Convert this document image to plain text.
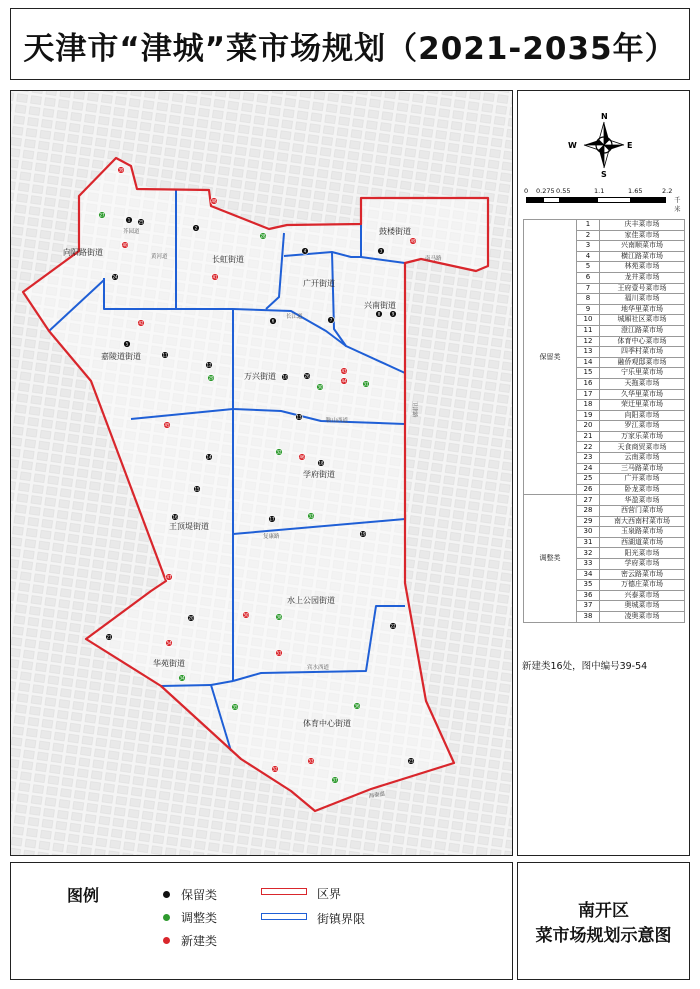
天津市“津城”菜市场规划（2021-2035年）
芥园道
黄河道	南马路
鞍山西道
复康路
宾水西道
海泰道
长江道
卫津路
向阳路街道
长虹街道
广开街道
鼓楼街道
兴南街道
嘉陵道街道
万兴街道
学府街道
王顶堤街道
水上公园街道
华苑街道
体育中心街道
1
2
3
4
5
6	7
8	9
10
11
12
13
14
15
16	17
18
19
20
21
22
23
24
25
26
27
28
29
30
31
32
33
34
35	36
37
38
39
40
41
42
43
44
45
46
47
48
49
50
51
52
53
54
N
S
E
W
0 0.275 0.55	1.1	1.65	2.2
千米
保留类	1	庆丰菜市场
	2	家佳菜市场
	3	兴南顺菜市场
	4	横江路菜市场
	5	林苑菜市场
	6	龙井菜市场
	7	王府壹号菜市场
	8	福川菜市场
	9	地华里菜市场
	10	城厢社区菜市场
	11	澄江路菜市场
	12	体育中心菜市场
	13	四季村菜市场
	14	融侨观邸菜市场
	15	宁乐里菜市场
	16	天拖菜市场
	17	久华里菜市场
	18	荣迁里菜市场
	19	向阳菜市场
	20	罗江菜市场
	21	万家乐菜市场
	22	天食商贸菜市场
	23	云南菜市场
	24	三马路菜市场
	25	广开菜市场
	26	卧龙菜市场
调整类	27	华盈菜市场
	28	西营门菜市场
	29	南大西南村菜市场
	30	玉泉路菜市场
	31	西湖道菜市场
	32	阳光菜市场
	33	学府菜市场
	34	密云路菜市场
	35	万德庄菜市场
	36	兴泰菜市场
	37	奥城菜市场
	38	凌奥菜市场
新建类16处，图中编号39-54
图例	保留类
调整类
新建类
区界
街镇界限	南开区
菜市场规划示意图
